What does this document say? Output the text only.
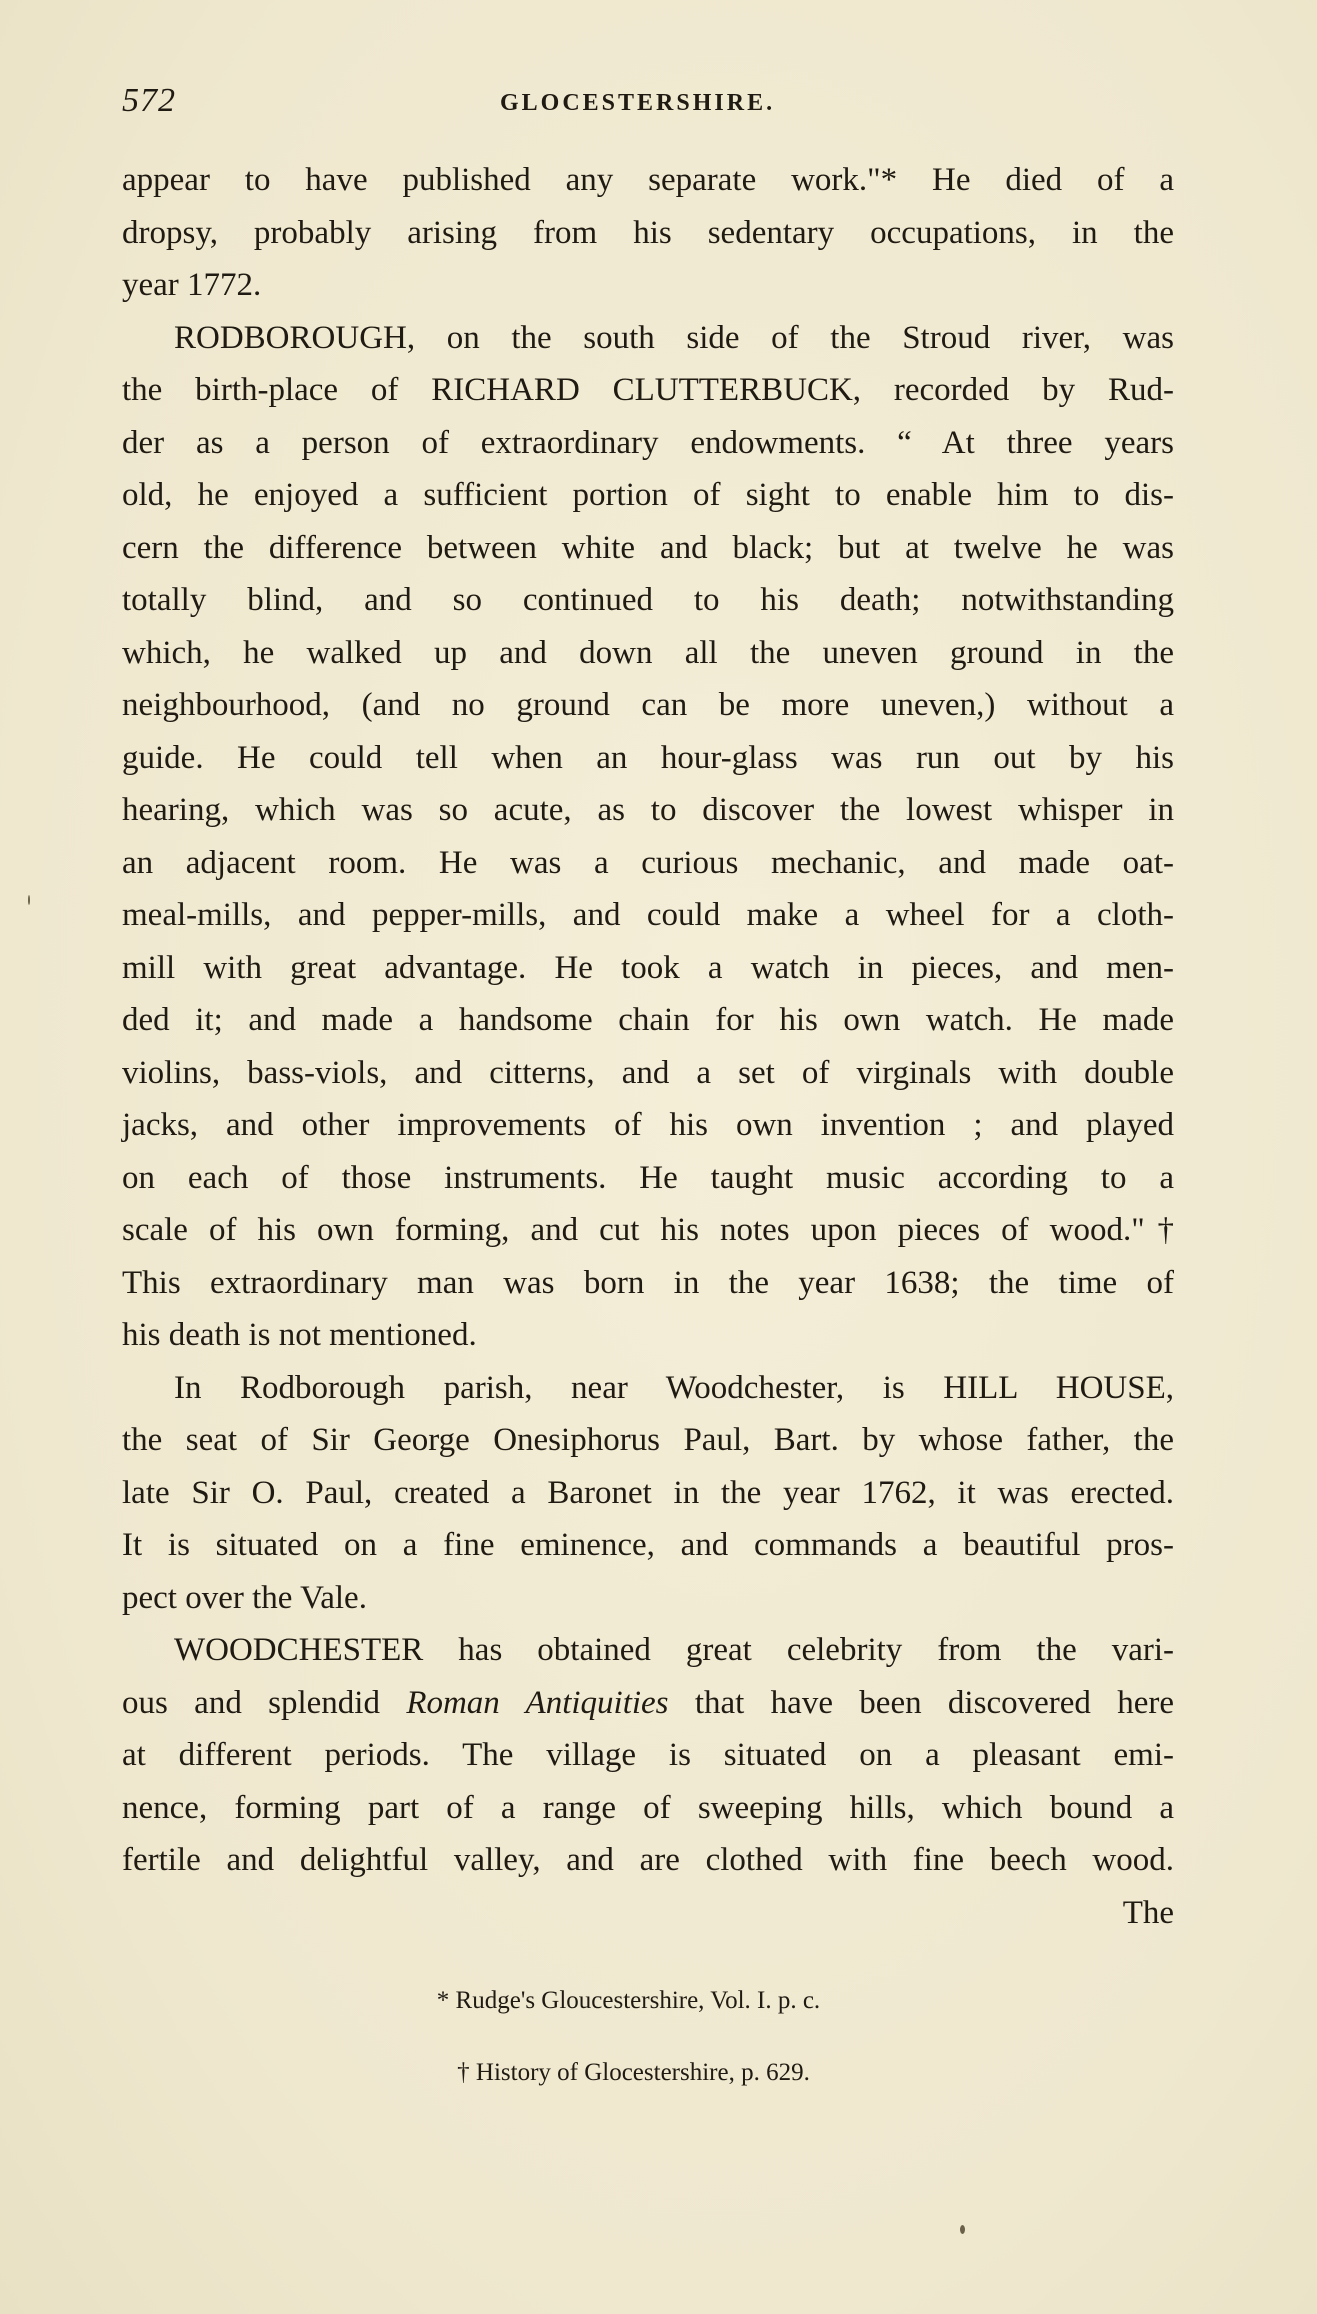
572	GLOCESTERSHIRE.
appear to have published any separate work."* He died of a
dropsy, probably arising from his sedentary occupations, in the
year 1772.
RODBOROUGH, on the south side of the Stroud river, was
the birth-place of RICHARD CLUTTERBUCK, recorded by Rud-
der as a person of extraordinary endowments. “ At three years
old, he enjoyed a sufficient portion of sight to enable him to dis-
cern the difference between white and black; but at twelve he was
totally blind, and so continued to his death; notwithstanding
which, he walked up and down all the uneven ground in the
neighbourhood, (and no ground can be more uneven,) without a
guide. He could tell when an hour-glass was run out by his
hearing, which was so acute, as to discover the lowest whisper in
an adjacent room. He was a curious mechanic, and made oat-
meal-mills, and pepper-mills, and could make a wheel for a cloth-
mill with great advantage. He took a watch in pieces, and men-
ded it; and made a handsome chain for his own watch. He made
violins, bass-viols, and citterns, and a set of virginals with double
jacks, and other improvements of his own invention ; and played
on each of those instruments. He taught music according to a
scale of his own forming, and cut his notes upon pieces of wood."†
This extraordinary man was born in the year 1638; the time of
his death is not mentioned.
In Rodborough parish, near Woodchester, is HILL HOUSE,
the seat of Sir George Onesiphorus Paul, Bart. by whose father, the
late Sir O. Paul, created a Baronet in the year 1762, it was erected.
It is situated on a fine eminence, and commands a beautiful pros-
pect over the Vale.
WOODCHESTER has obtained great celebrity from the vari-
ous and splendid Roman Antiquities that have been discovered here
at different periods. The village is situated on a pleasant emi-
nence, forming part of a range of sweeping hills, which bound a
fertile and delightful valley, and are clothed with fine beech wood.
The
* Rudge's Gloucestershire, Vol. I. p. c.
† History of Glocestershire, p. 629.
